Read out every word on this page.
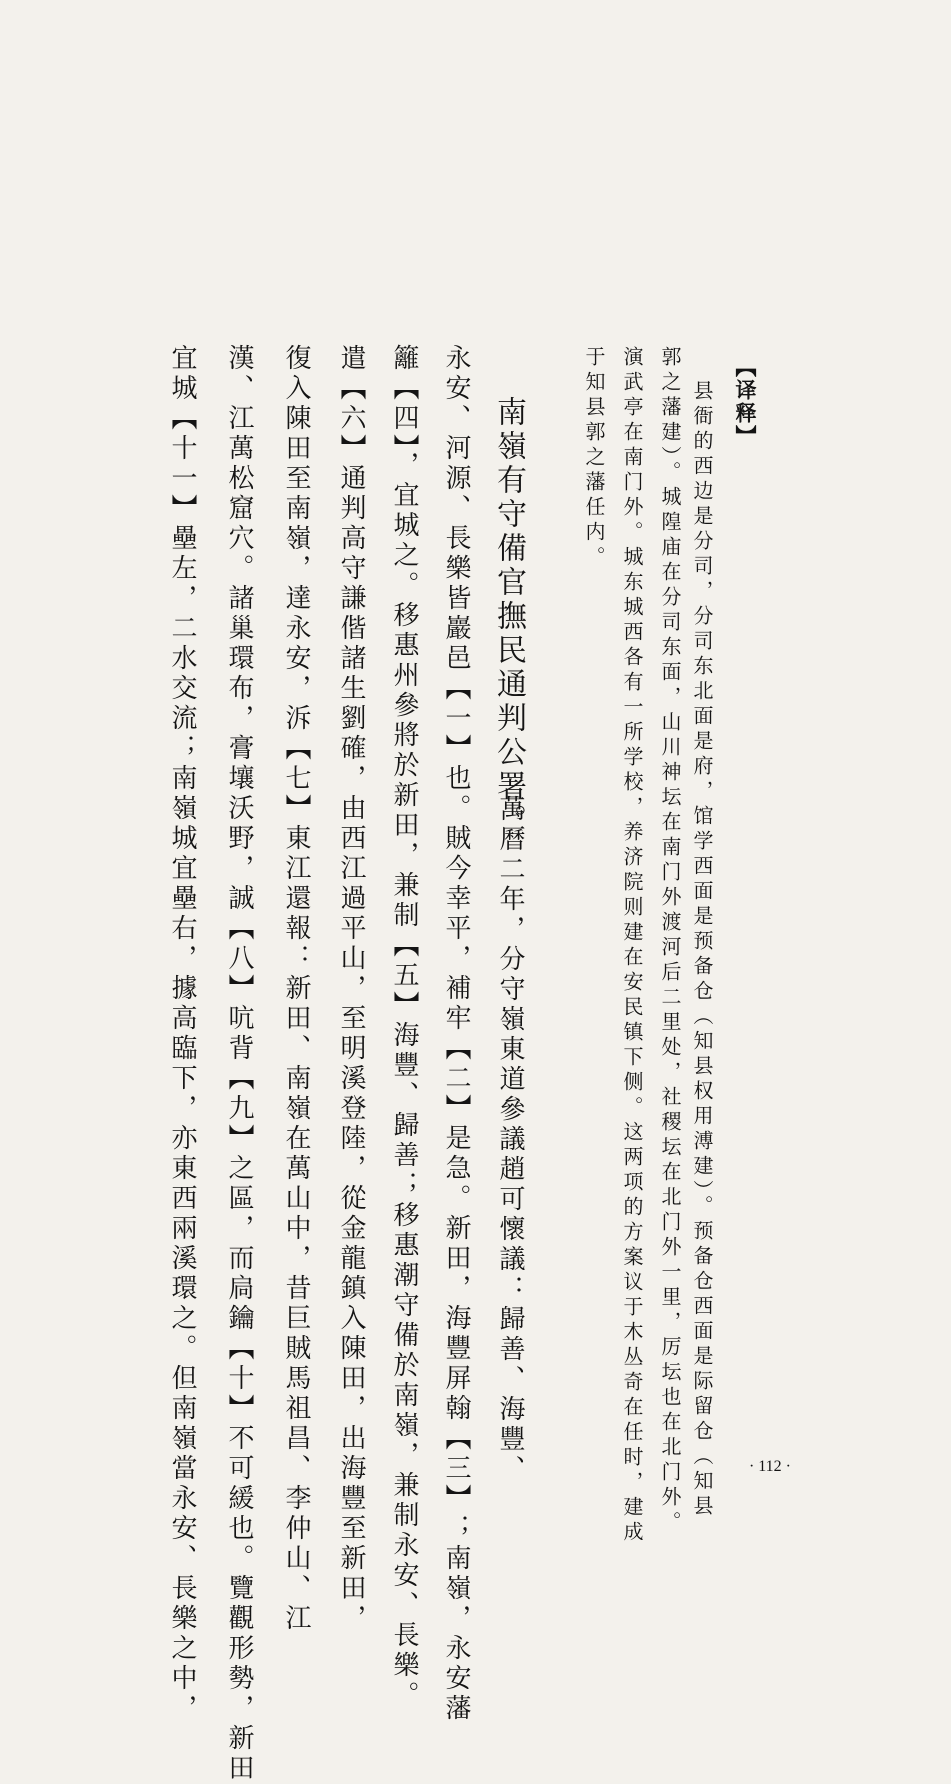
【译释】
县衙的西边是分司，分司东北面是府，馆学西面是预备仓（知县权用溥建）。预备仓西面是际留仓（知县
郭之藩建）。城隍庙在分司东面，山川神坛在南门外渡河后二里处，社稷坛在北门外一里，厉坛也在北门外。
演武亭在南门外。城东城西各有一所学校，养济院则建在安民镇下侧。这两项的方案议于木丛奇在任时，建成
于知县郭之藩任内。
南嶺有守備官撫民通判公署。
萬曆二年，分守嶺東道參議趙可懷議：歸善、海豐、
永安、河源、長樂皆巖邑【一】也。賊今幸平，補牢【二】是急。新田，海豐屏翰【三】；南嶺，永安藩
籬【四】，宜城之。移惠州參將於新田，兼制【五】海豐、歸善；移惠潮守備於南嶺，兼制永安、長樂。
遣【六】通判高守謙偕諸生劉確，由西江過平山，至明溪登陸，從金龍鎮入陳田，出海豐至新田，
復入陳田至南嶺，達永安，泝【七】東江還報：新田、南嶺在萬山中，昔巨賊馬祖昌、李仲山、江
漢、江萬松窟穴。諸巢環布，膏壤沃野，誠【八】吭背【九】之區，而扃鑰【十】不可緩也。覽觀形勢，新田
宜城【十一】壘左，二水交流；南嶺城宜壘右，據高臨下，亦東西兩溪環之。但南嶺當永安、長樂之中，	· 112 ·
